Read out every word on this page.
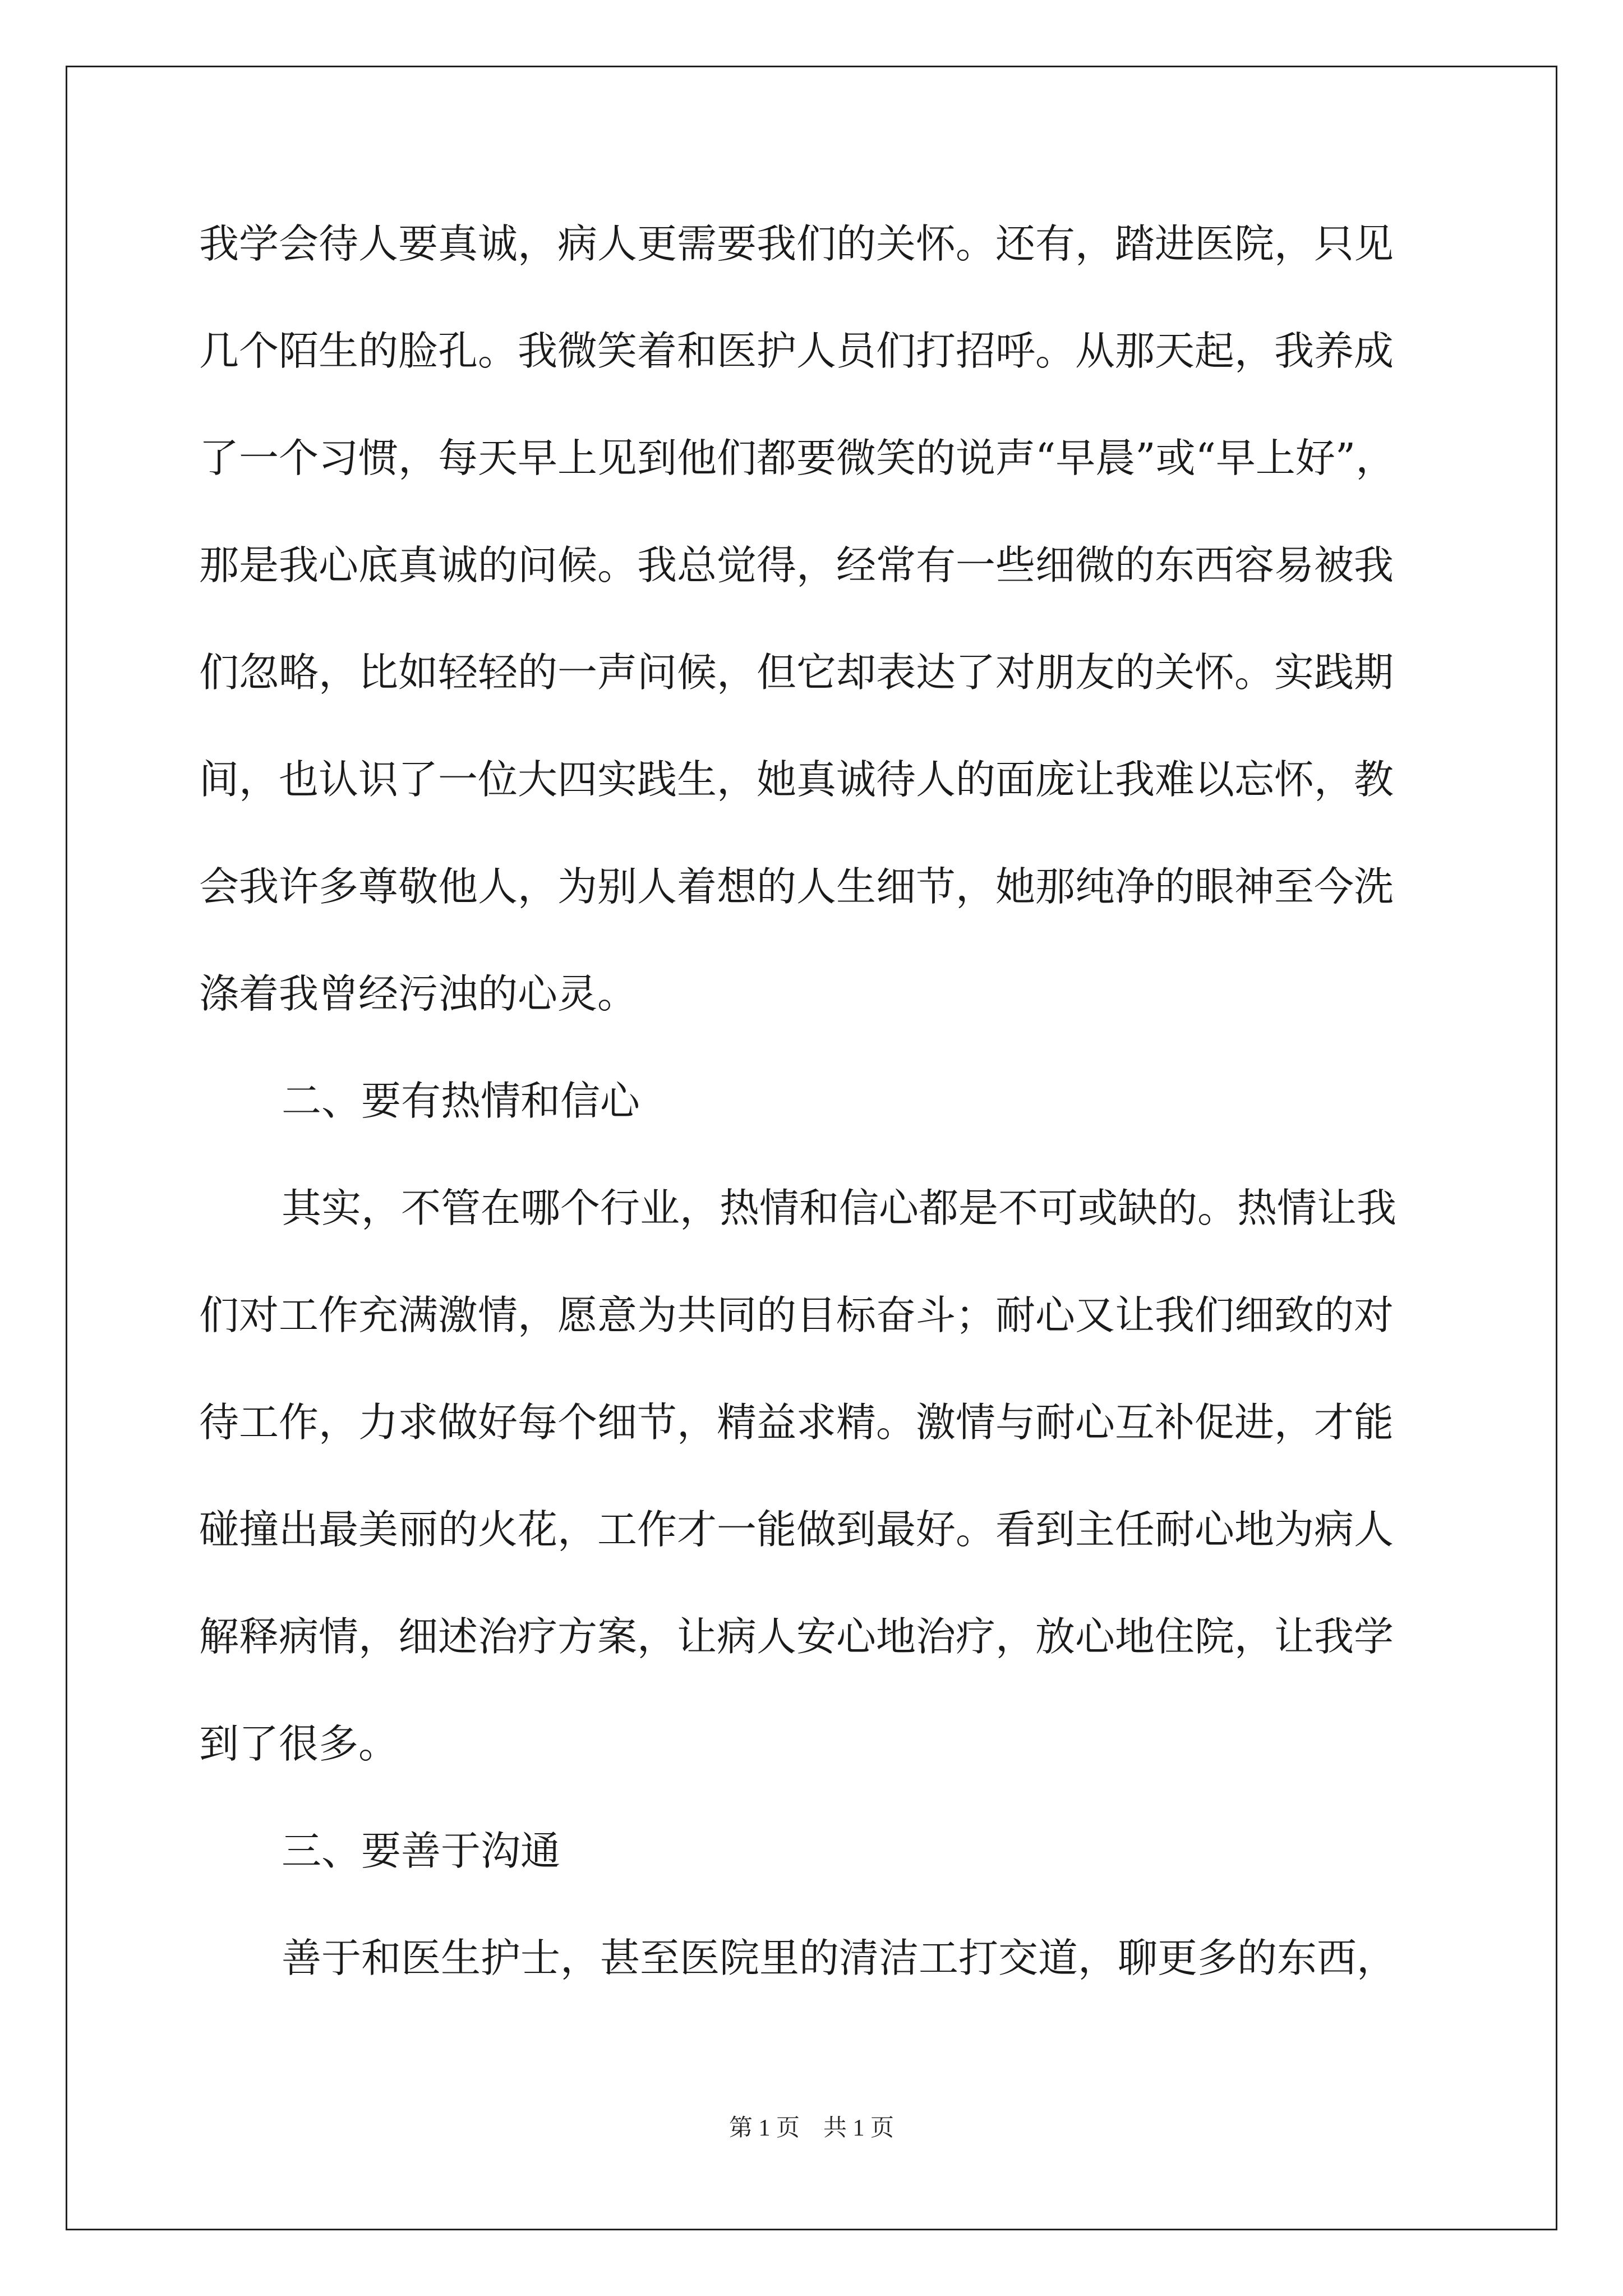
我学会待人要真诚，病人更需要我们的关怀。还有，踏进医院，只见
几个陌生的脸孔。我微笑着和医护人员们打招呼。从那天起，我养成
了一个习惯，每天早上见到他们都要微笑的说声“早晨”或“早上好”，
那是我心底真诚的问候。我总觉得，经常有一些细微的东西容易被我
们忽略，比如轻轻的一声问候，但它却表达了对朋友的关怀。实践期
间，也认识了一位大四实践生，她真诚待人的面庞让我难以忘怀，教
会我许多尊敬他人，为别人着想的人生细节，她那纯净的眼神至今洗
涤着我曾经污浊的心灵。
二、要有热情和信心
其实，不管在哪个行业，热情和信心都是不可或缺的。热情让我
们对工作充满激情，愿意为共同的目标奋斗；耐心又让我们细致的对
待工作，力求做好每个细节，精益求精。激情与耐心互补促进，才能
碰撞出最美丽的火花，工作才一能做到最好。看到主任耐心地为病人
解释病情，细述治疗方案，让病人安心地治疗，放心地住院，让我学
到了很多。
三、要善于沟通
善于和医生护士，甚至医院里的清洁工打交道，聊更多的东西，
第 1 页　共 1 页
